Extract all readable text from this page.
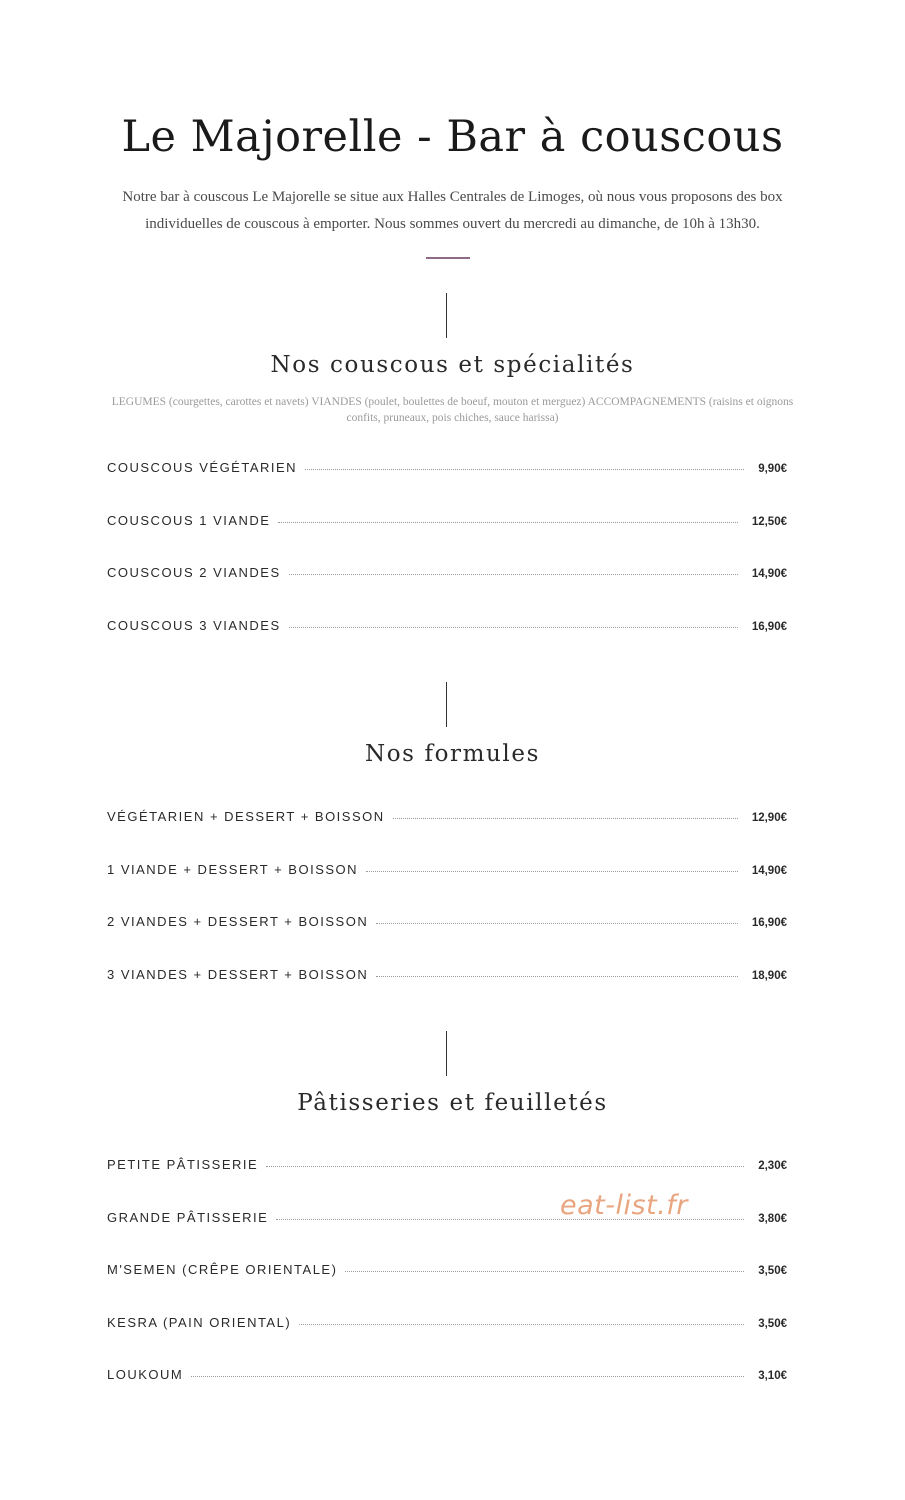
Le Majorelle - Bar à couscous

Notre bar à couscous Le Majorelle se situe aux Halles Centrales de Limoges, où nous vous proposons des box individuelles de couscous à emporter. Nous sommes ouvert du mercredi au dimanche, de 10h à 13h30.

Nos couscous et spécialités

LEGUMES (courgettes, carottes et navets) VIANDES (poulet, boulettes de boeuf, mouton et merguez) ACCOMPAGNEMENTS (raisins et oignons confits, pruneaux, pois chiches, sauce harissa)

COUSCOUS VÉGÉTARIEN	9,90€
COUSCOUS 1 VIANDE	12,50€
COUSCOUS 2 VIANDES	14,90€
COUSCOUS 3 VIANDES	16,90€
Nos formules
VÉGÉTARIEN + DESSERT + BOISSON	12,90€
1 VIANDE + DESSERT + BOISSON	14,90€
2 VIANDES + DESSERT + BOISSON	16,90€
3 VIANDES + DESSERT + BOISSON	18,90€
Pâtisseries et feuilletés
PETITE PÂTISSERIE	2,30€
GRANDE PÂTISSERIE	3,80€
M'SEMEN (CRÊPE ORIENTALE)	3,50€
KESRA (PAIN ORIENTAL)	3,50€
LOUKOUM	3,10€
eat-list.fr
